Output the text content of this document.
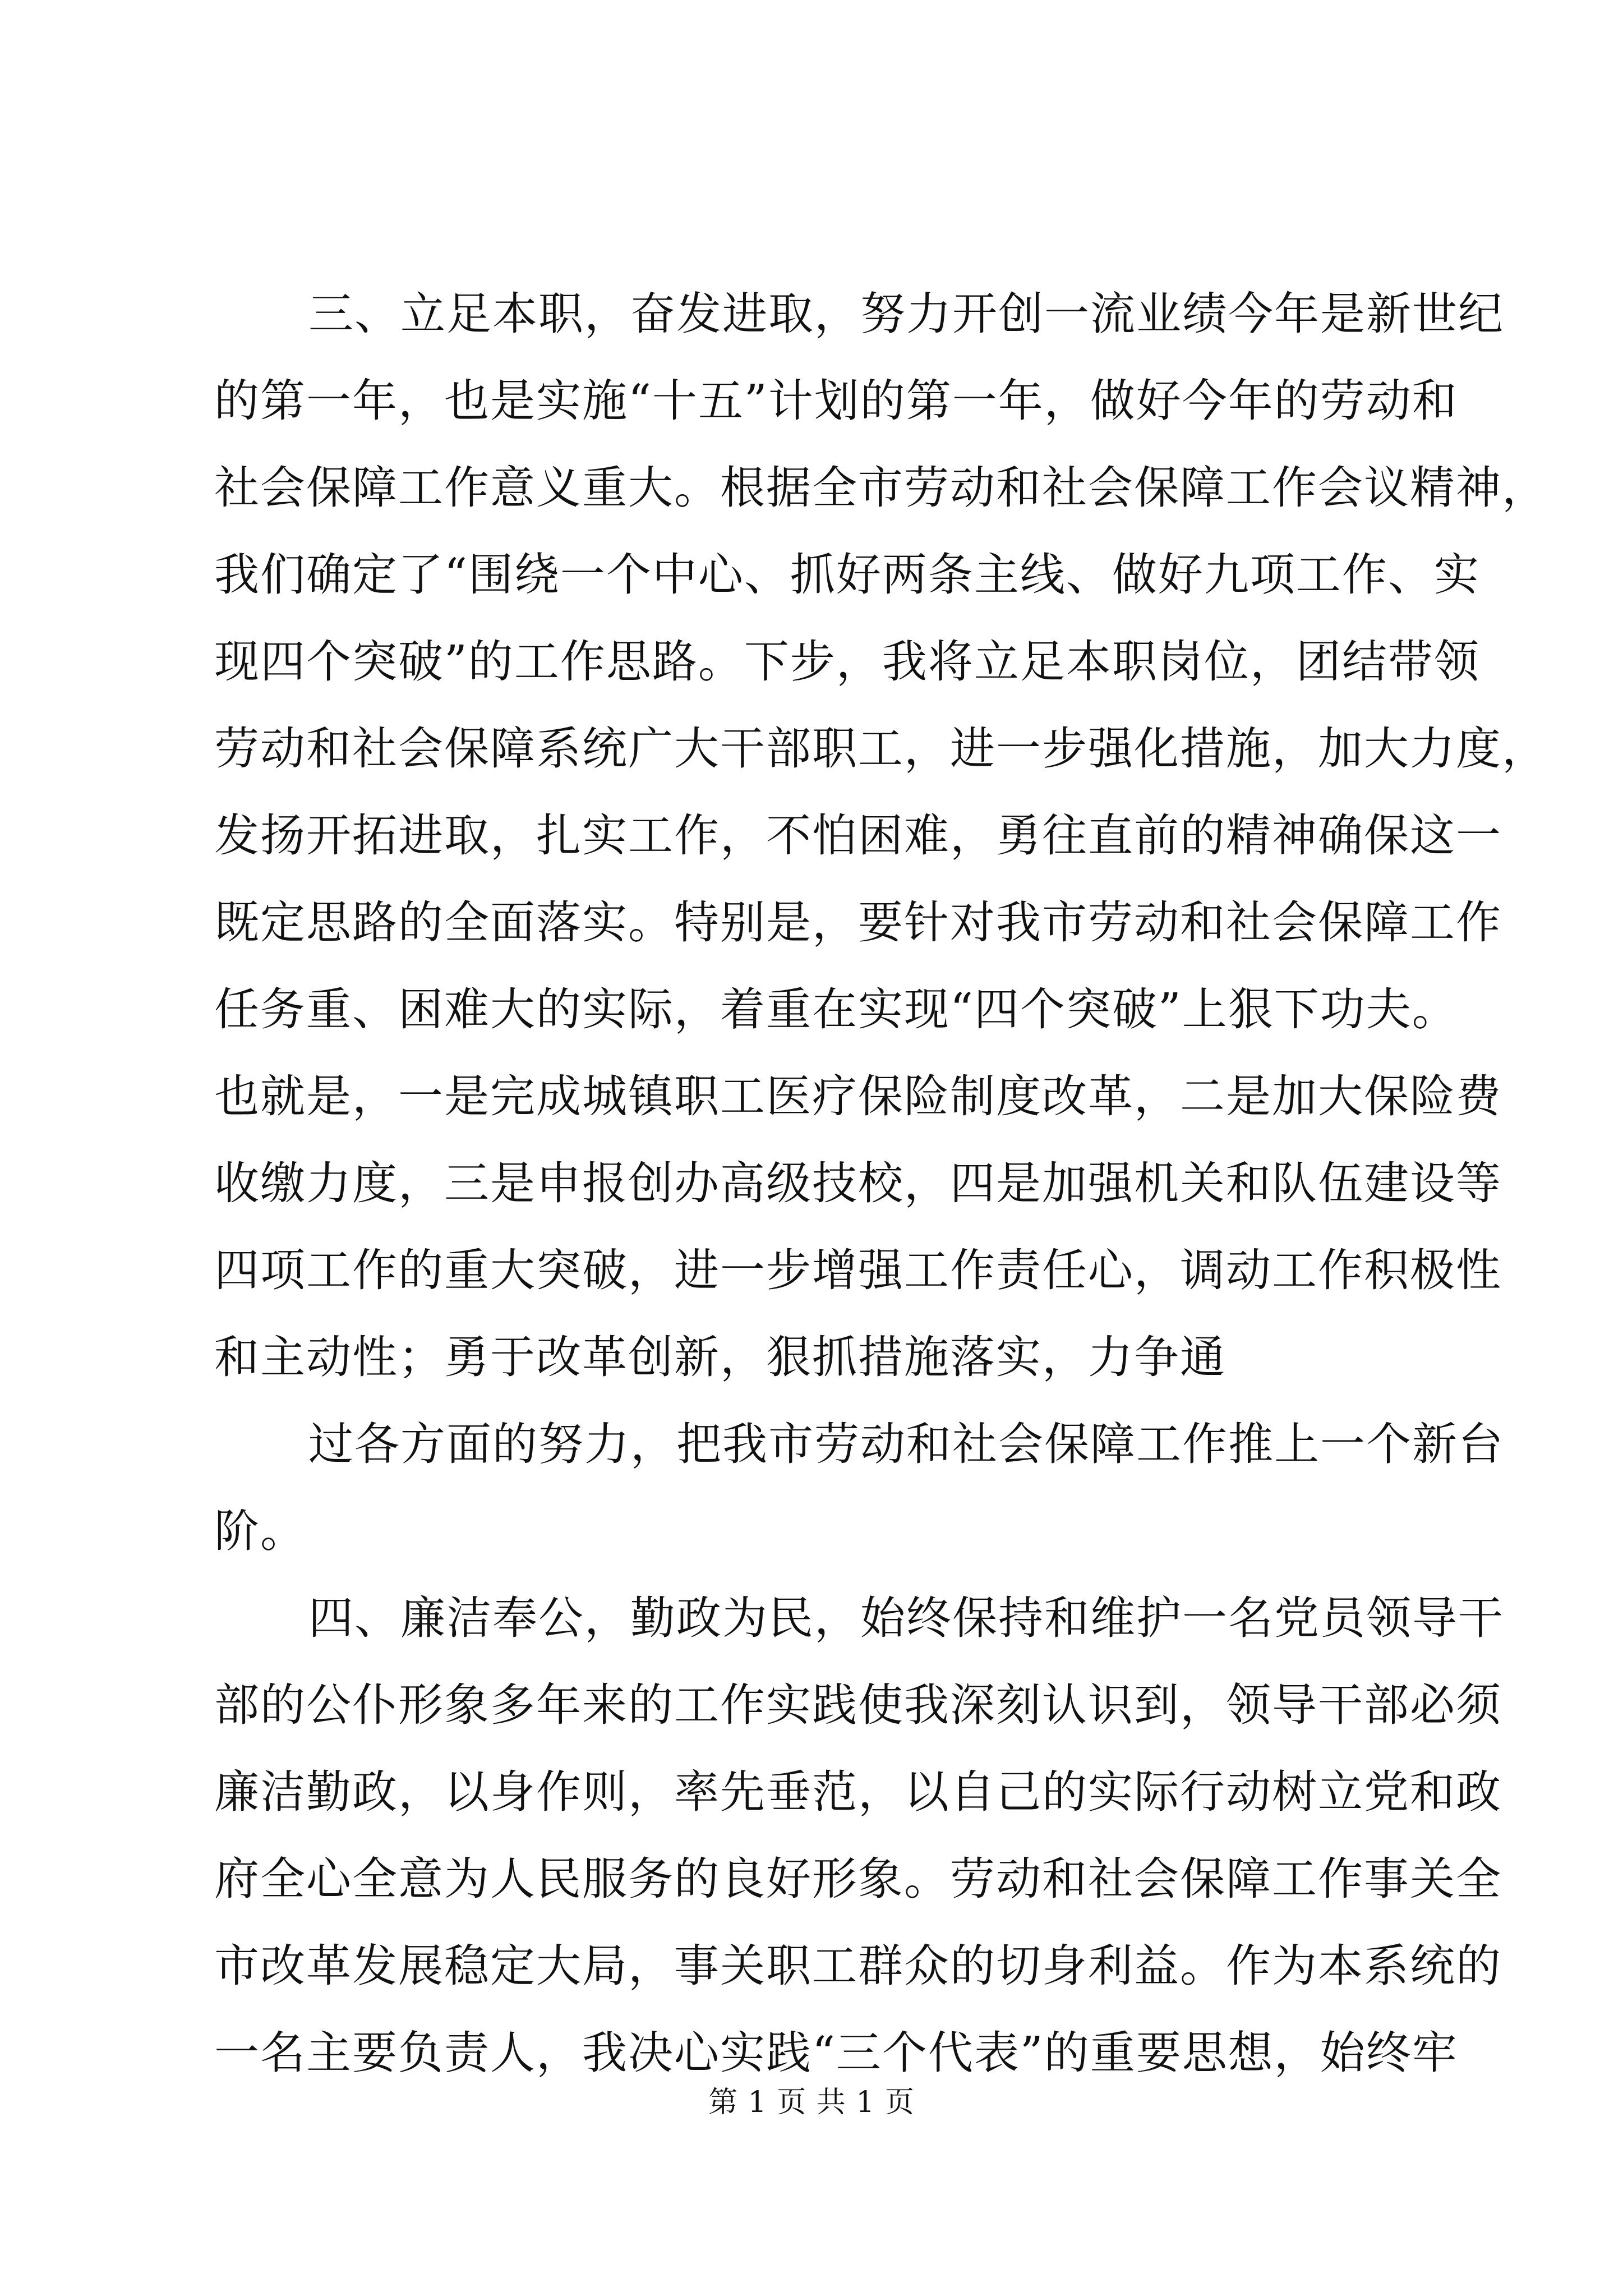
三、立足本职，奋发进取，努力开创一流业绩今年是新世纪
的第一年，也是实施“十五”计划的第一年，做好今年的劳动和
社会保障工作意义重大。根据全市劳动和社会保障工作会议精神，
我们确定了“围绕一个中心、抓好两条主线、做好九项工作、实
现四个突破”的工作思路。下步，我将立足本职岗位，团结带领
劳动和社会保障系统广大干部职工，进一步强化措施，加大力度，
发扬开拓进取，扎实工作，不怕困难，勇往直前的精神确保这一
既定思路的全面落实。特别是，要针对我市劳动和社会保障工作
任务重、困难大的实际，着重在实现“四个突破”上狠下功夫。
也就是，一是完成城镇职工医疗保险制度改革，二是加大保险费
收缴力度，三是申报创办高级技校，四是加强机关和队伍建设等
四项工作的重大突破，进一步增强工作责任心，调动工作积极性
和主动性；勇于改革创新，狠抓措施落实，力争通
过各方面的努力，把我市劳动和社会保障工作推上一个新台
阶。
四、廉洁奉公，勤政为民，始终保持和维护一名党员领导干
部的公仆形象多年来的工作实践使我深刻认识到，领导干部必须
廉洁勤政，以身作则，率先垂范，以自己的实际行动树立党和政
府全心全意为人民服务的良好形象。劳动和社会保障工作事关全
市改革发展稳定大局，事关职工群众的切身利益。作为本系统的
一名主要负责人，我决心实践“三个代表”的重要思想，始终牢
第 1 页 共 1 页
